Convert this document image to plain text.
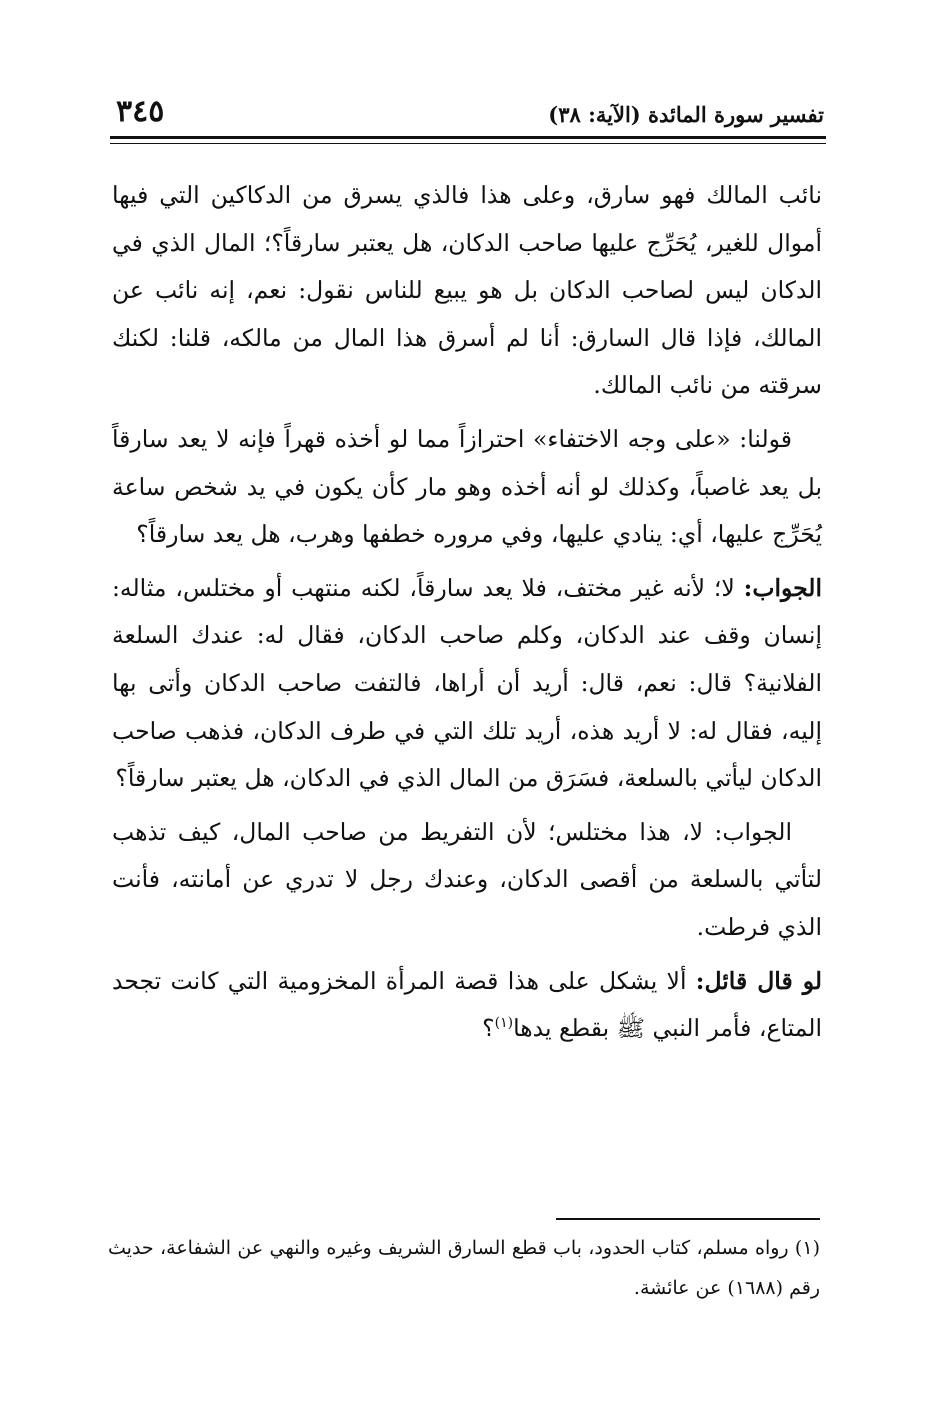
تفسير سورة المائدة (الآية: ٣٨)
٣٤٥

نائب المالك فهو سارق، وعلى هذا فالذي يسرق من الدكاكين التي فيها أموال للغير، يُحَرِّج عليها صاحب الدكان، هل يعتبر سارقاً؟؛ المال الذي في الدكان ليس لصاحب الدكان بل هو يبيع للناس نقول: نعم، إنه نائب عن المالك، فإذا قال السارق: أنا لم أسرق هذا المال من مالكه، قلنا: لكنك سرقته من نائب المالك.

قولنا: «على وجه الاختفاء» احترازاً مما لو أخذه قهراً فإنه لا يعد سارقاً بل يعد غاصباً، وكذلك لو أنه أخذه وهو مار كأن يكون في يد شخص ساعة يُحَرِّج عليها، أي: ينادي عليها، وفي مروره خطفها وهرب، هل يعد سارقاً؟

الجواب: لا؛ لأنه غير مختف، فلا يعد سارقاً، لكنه منتهب أو مختلس، مثاله: إنسان وقف عند الدكان، وكلم صاحب الدكان، فقال له: عندك السلعة الفلانية؟ قال: نعم، قال: أريد أن أراها، فالتفت صاحب الدكان وأتى بها إليه، فقال له: لا أريد هذه، أريد تلك التي في طرف الدكان، فذهب صاحب الدكان ليأتي بالسلعة، فسَرَق من المال الذي في الدكان، هل يعتبر سارقاً؟

الجواب: لا، هذا مختلس؛ لأن التفريط من صاحب المال، كيف تذهب لتأتي بالسلعة من أقصى الدكان، وعندك رجل لا تدري عن أمانته، فأنت الذي فرطت.

لو قال قائل: ألا يشكل على هذا قصة المرأة المخزومية التي كانت تجحد المتاع، فأمر النبي ﷺ بقطع يدها$^{(١)}$؟

(١) رواه مسلم، كتاب الحدود، باب قطع السارق الشريف وغيره والنهي عن الشفاعة، حديث رقم (١٦٨٨) عن عائشة.
